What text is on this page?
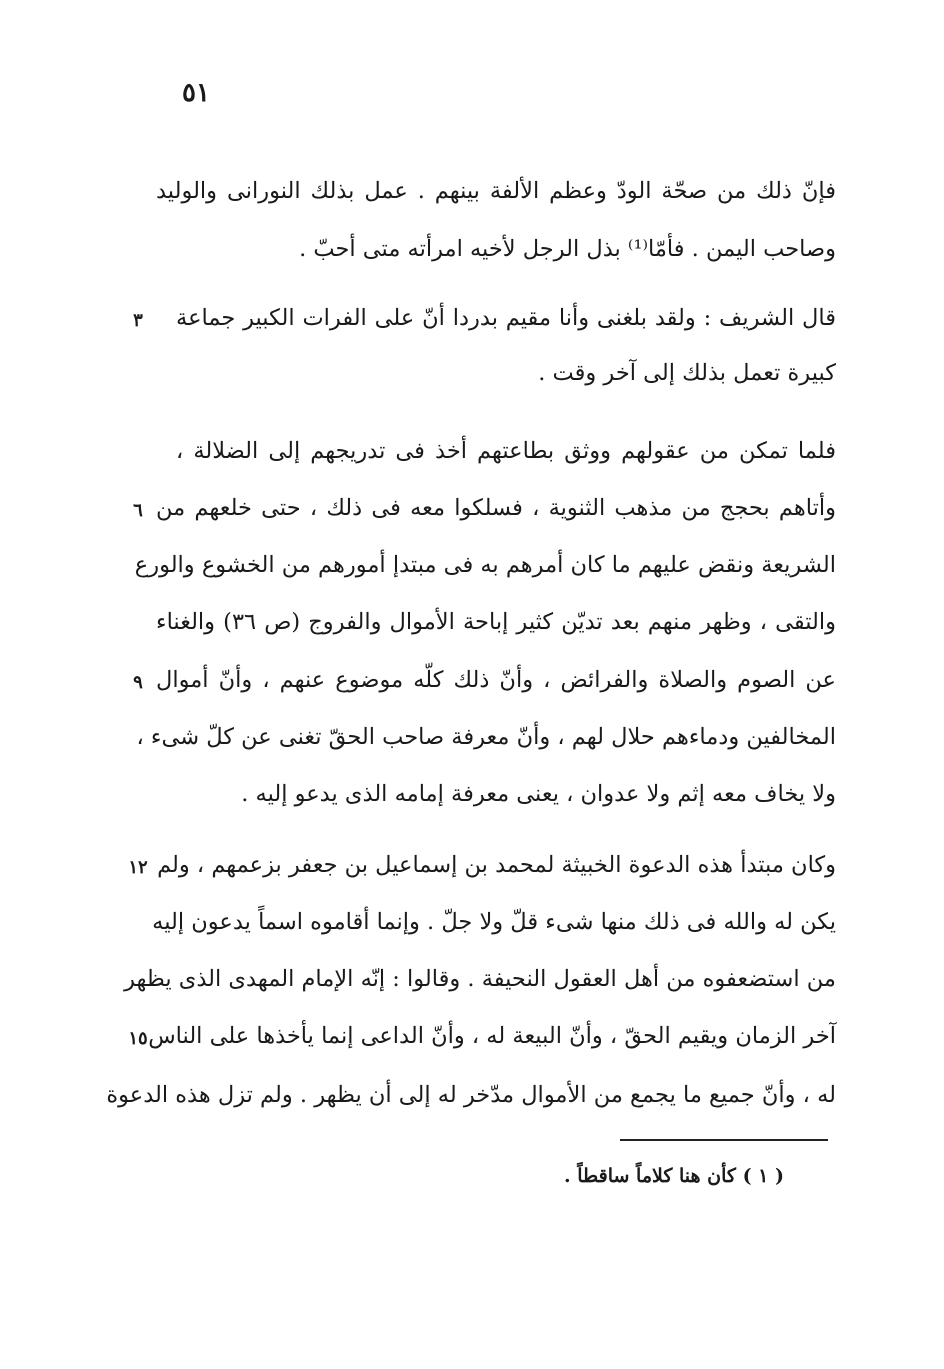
٥١
فإنّ ذلك من صحّة الودّ وعظم الألفة بينهم . عمل بذلك النورانى والوليد
وصاحب اليمن . فأمّا⁽¹⁾ بذل الرجل لأخيه امرأته متى أحبّ .
قال الشريف : ولقد بلغنى وأنا مقيم بدردا أنّ على الفرات الكبير جماعة
٣
كبيرة تعمل بذلك إلى آخر وقت .
فلما تمكن من عقولهم ووثق بطاعتهم أخذ فى تدريجهم إلى الضلالة ،
وأتاهم بحجج من مذهب الثنوية ، فسلكوا معه فى ذلك ، حتى خلعهم من
٦
الشريعة ونقض عليهم ما كان أمرهم به فى مبتدإ أمورهم من الخشوع والورع
والتقى ، وظهر منهم بعد تديّن كثير إباحة الأموال والفروج (ص ٣٦) والغناء
عن الصوم والصلاة والفرائض ، وأنّ ذلك كلّه موضوع عنهم ، وأنّ أموال
٩
المخالفين ودماءهم حلال لهم ، وأنّ معرفة صاحب الحقّ تغنى عن كلّ شىء ،
ولا يخاف معه إثم ولا عدوان ، يعنى معرفة إمامه الذى يدعو إليه .
وكان مبتدأ هذه الدعوة الخبيثة لمحمد بن إسماعيل بن جعفر بزعمهم ، ولم
١٢
يكن له والله فى ذلك منها شىء قلّ ولا جلّ . وإنما أقاموه اسماً يدعون إليه
من استضعفوه من أهل العقول النحيفة . وقالوا : إنّه الإمام المهدى الذى يظهر
آخر الزمان ويقيم الحقّ ، وأنّ البيعة له ، وأنّ الداعى إنما يأخذها على الناس
١٥
له ، وأنّ جميع ما يجمع من الأموال مدّخر له إلى أن يظهر . ولم تزل هذه الدعوة
( ١ ) كأن هنا كلاماً ساقطاً .
